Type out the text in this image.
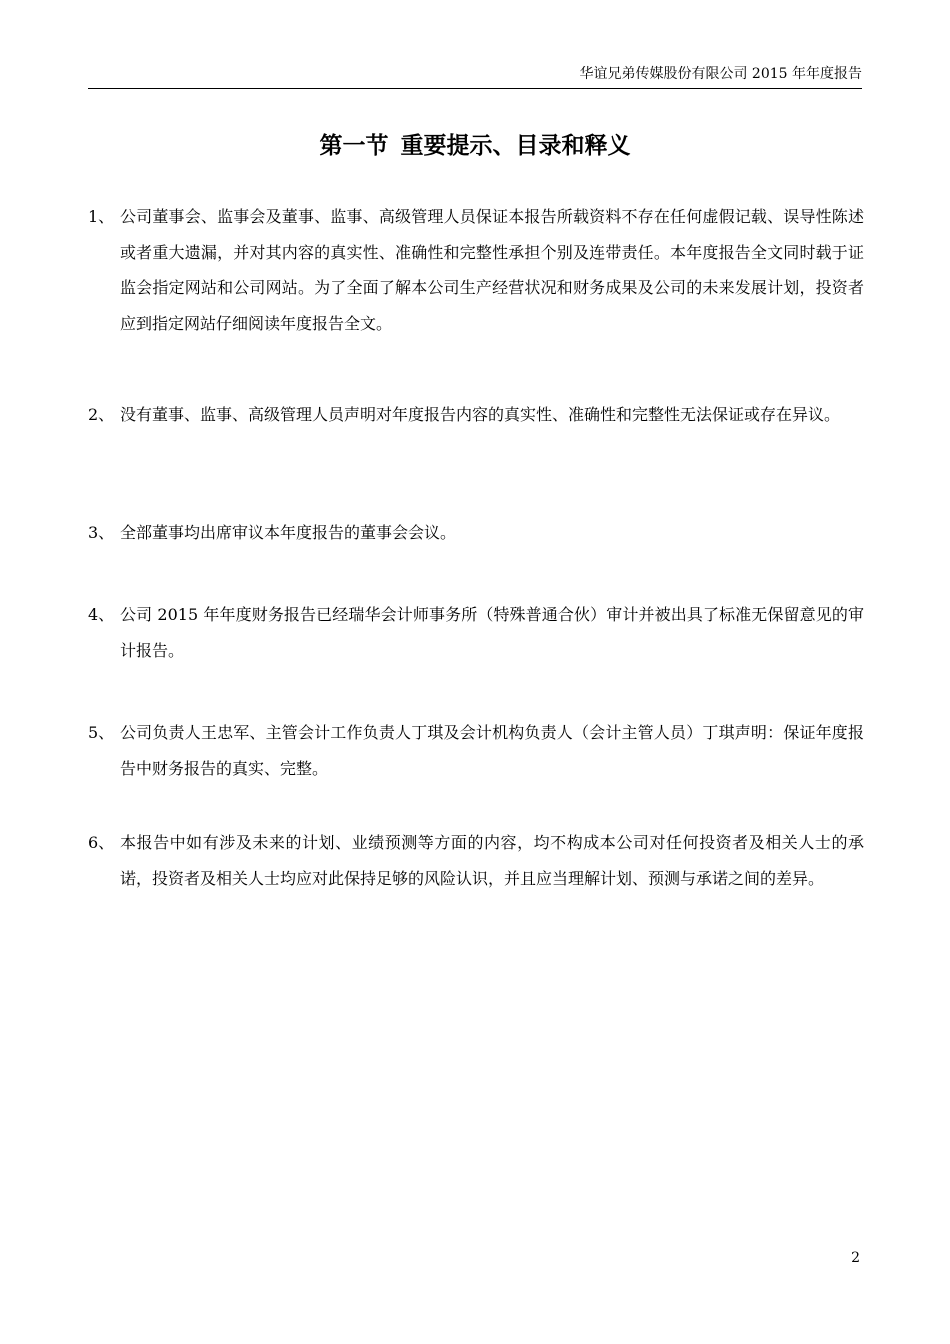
华谊兄弟传媒股份有限公司 2015 年年度报告
第一节 重要提示、目录和释义
1、 公司董事会、监事会及董事、监事、高级管理人员保证本报告所载资料不存在任何虚假记载、误导性陈述或者重大遗漏，并对其内容的真实性、准确性和完整性承担个别及连带责任。本年度报告全文同时载于证监会指定网站和公司网站。为了全面了解本公司生产经营状况和财务成果及公司的未来发展计划，投资者应到指定网站仔细阅读年度报告全文。
2、 没有董事、监事、高级管理人员声明对年度报告内容的真实性、准确性和完整性无法保证或存在异议。
3、 全部董事均出席审议本年度报告的董事会会议。
4、 公司 2015 年年度财务报告已经瑞华会计师事务所（特殊普通合伙）审计并被出具了标准无保留意见的审计报告。
5、 公司负责人王忠军、主管会计工作负责人丁琪及会计机构负责人（会计主管人员）丁琪声明：保证年度报告中财务报告的真实、完整。
6、 本报告中如有涉及未来的计划、业绩预测等方面的内容，均不构成本公司对任何投资者及相关人士的承诺，投资者及相关人士均应对此保持足够的风险认识，并且应当理解计划、预测与承诺之间的差异。
2
